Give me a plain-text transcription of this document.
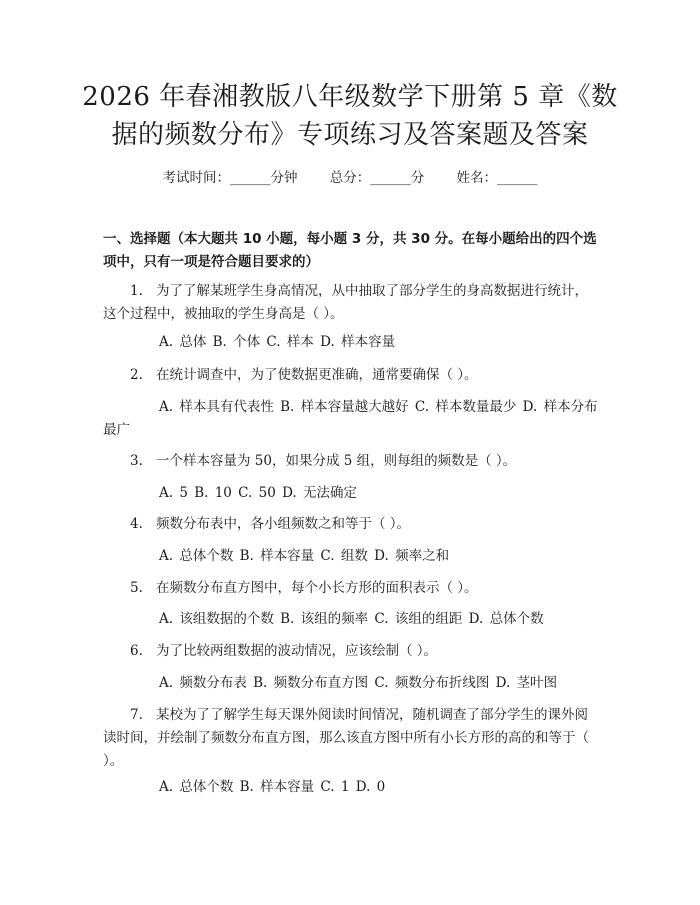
2026 年春湘教版八年级数学下册第 5 章《数
据的频数分布》专项练习及答案题及答案
考试时间：______分钟 总分：______分 姓名：______
一、选择题（本大题共 10 小题，每小题 3 分，共 30 分。在每小题给出的四个选项中，只有一项是符合题目要求的）
1. 为了了解某班学生身高情况，从中抽取了部分学生的身高数据进行统计，这个过程中，被抽取的学生身高是（ ）。
A. 总体 B. 个体 C. 样本 D. 样本容量
2. 在统计调查中，为了使数据更准确，通常要确保（ ）。
A. 样本具有代表性 B. 样本容量越大越好 C. 样本数量最少 D. 样本分布最广
3. 一个样本容量为 50，如果分成 5 组，则每组的频数是（ ）。
A. 5 B. 10 C. 50 D. 无法确定
4. 频数分布表中，各小组频数之和等于（ ）。
A. 总体个数 B. 样本容量 C. 组数 D. 频率之和
5. 在频数分布直方图中，每个小长方形的面积表示（ ）。
A. 该组数据的个数 B. 该组的频率 C. 该组的组距 D. 总体个数
6. 为了比较两组数据的波动情况，应该绘制（ ）。
A. 频数分布表 B. 频数分布直方图 C. 频数分布折线图 D. 茎叶图
7. 某校为了了解学生每天课外阅读时间情况，随机调查了部分学生的课外阅读时间，并绘制了频数分布直方图，那么该直方图中所有小长方形的高的和等于（ ）。
A. 总体个数 B. 样本容量 C. 1 D. 0
